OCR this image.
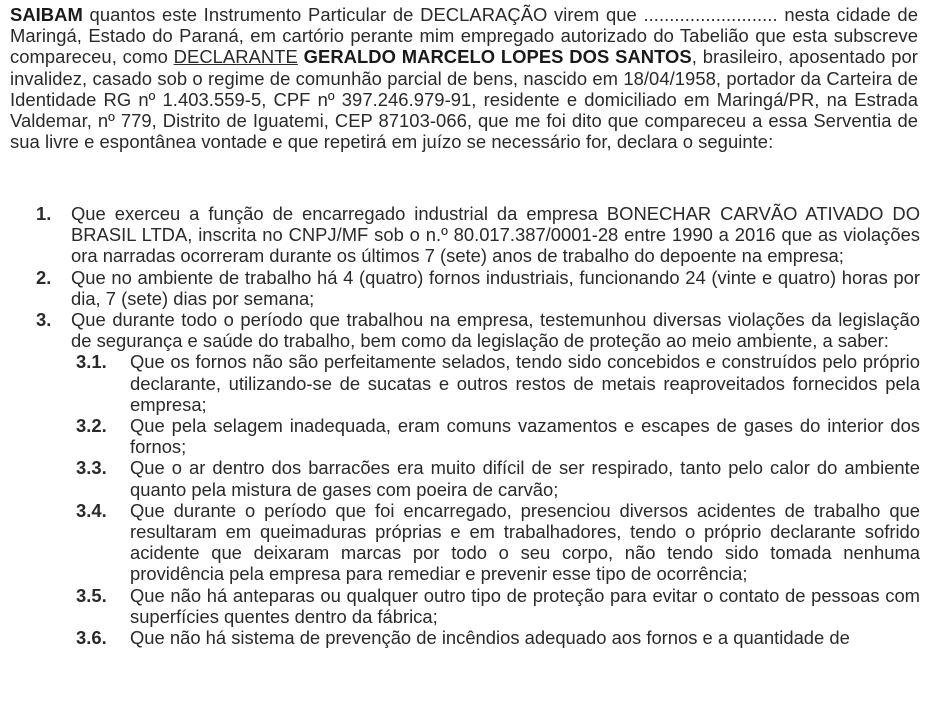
SAIBAM quantos este Instrumento Particular de DECLARAÇÃO virem que .......................... nesta cidade de Maringá, Estado do Paraná, em cartório perante mim empregado autorizado do Tabelião que esta subscreve compareceu, como DECLARANTE GERALDO MARCELO LOPES DOS SANTOS, brasileiro, aposentado por invalidez, casado sob o regime de comunhão parcial de bens, nascido em 18/04/1958, portador da Carteira de Identidade RG nº 1.403.559-5, CPF nº 397.246.979-91, residente e domiciliado em Maringá/PR, na Estrada Valdemar, nº 779, Distrito de Iguatemi, CEP 87103-066, que me foi dito que compareceu a essa Serventia de sua livre e espontânea vontade e que repetirá em juízo se necessário for, declara o seguinte:

1. Que exerceu a função de encarregado industrial da empresa BONECHAR CARVÃO ATIVADO DO BRASIL LTDA, inscrita no CNPJ/MF sob o n.º 80.017.387/0001-28 entre 1990 a 2016 que as violações ora narradas ocorreram durante os últimos 7 (sete) anos de trabalho do depoente na empresa;
2. Que no ambiente de trabalho há 4 (quatro) fornos industriais, funcionando 24 (vinte e quatro) horas por dia, 7 (sete) dias por semana;
3. Que durante todo o período que trabalhou na empresa, testemunhou diversas violações da legislação de segurança e saúde do trabalho, bem como da legislação de proteção ao meio ambiente, a saber:
3.1. Que os fornos não são perfeitamente selados, tendo sido concebidos e construídos pelo próprio declarante, utilizando-se de sucatas e outros restos de metais reaproveitados fornecidos pela empresa;
3.2. Que pela selagem inadequada, eram comuns vazamentos e escapes de gases do interior dos fornos;
3.3. Que o ar dentro dos barracões era muito difícil de ser respirado, tanto pelo calor do ambiente quanto pela mistura de gases com poeira de carvão;
3.4. Que durante o período que foi encarregado, presenciou diversos acidentes de trabalho que resultaram em queimaduras próprias e em trabalhadores, tendo o próprio declarante sofrido acidente que deixaram marcas por todo o seu corpo, não tendo sido tomada nenhuma providência pela empresa para remediar e prevenir esse tipo de ocorrência;
3.5. Que não há anteparas ou qualquer outro tipo de proteção para evitar o contato de pessoas com superfícies quentes dentro da fábrica;
3.6. Que não há sistema de prevenção de incêndios adequado aos fornos e a quantidade de
